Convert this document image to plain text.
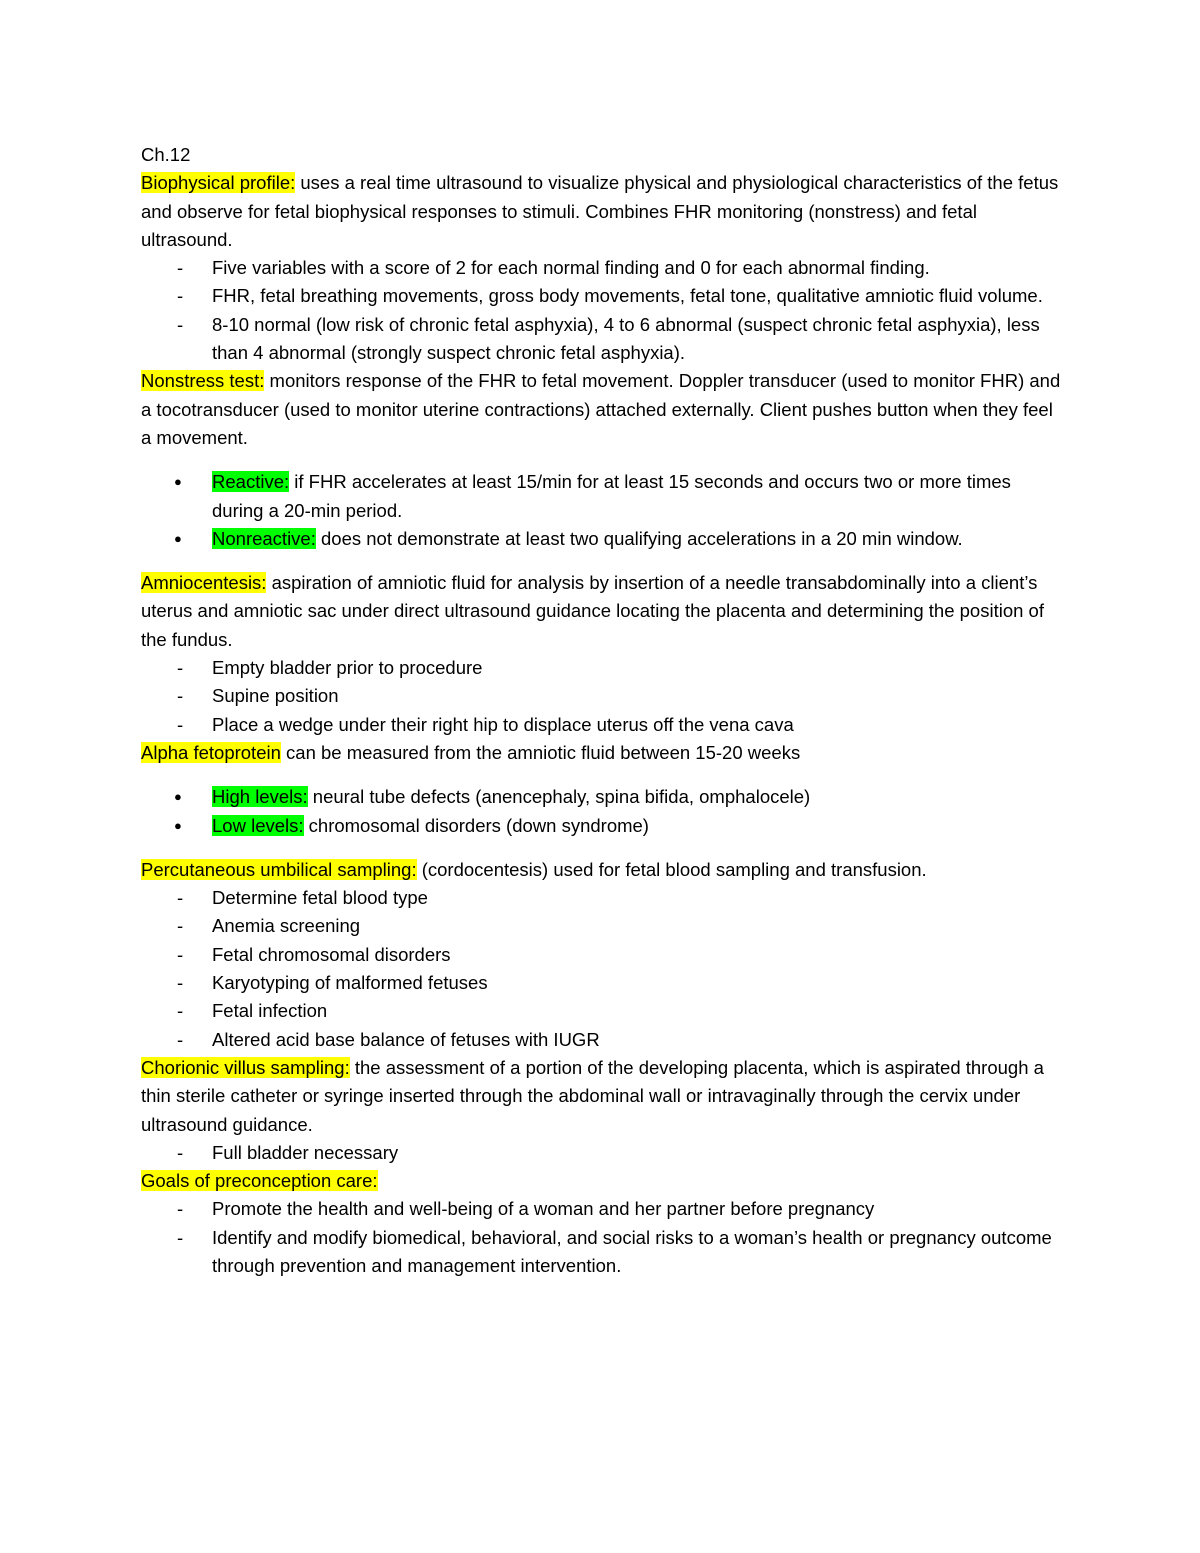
Ch.12

Biophysical profile: uses a real time ultrasound to visualize physical and physiological characteristics of the fetus and observe for fetal biophysical responses to stimuli. Combines FHR monitoring (nonstress) and fetal ultrasound.

- Five variables with a score of 2 for each normal finding and 0 for each abnormal finding.

- FHR, fetal breathing movements, gross body movements, fetal tone, qualitative amniotic fluid volume.

- 8-10 normal (low risk of chronic fetal asphyxia), 4 to 6 abnormal (suspect chronic fetal asphyxia), less than 4 abnormal (strongly suspect chronic fetal asphyxia).

Nonstress test: monitors response of the FHR to fetal movement. Doppler transducer (used to monitor FHR) and a tocotransducer (used to monitor uterine contractions) attached externally. Client pushes button when they feel a movement.

● Reactive: if FHR accelerates at least 15/min for at least 15 seconds and occurs two or more times during a 20-min period.

● Nonreactive: does not demonstrate at least two qualifying accelerations in a 20 min window.

Amniocentesis: aspiration of amniotic fluid for analysis by insertion of a needle transabdominally into a client’s uterus and amniotic sac under direct ultrasound guidance locating the placenta and determining the position of the fundus.

- Empty bladder prior to procedure

- Supine position

- Place a wedge under their right hip to displace uterus off the vena cava

Alpha fetoprotein can be measured from the amniotic fluid between 15-20 weeks

● High levels: neural tube defects (anencephaly, spina bifida, omphalocele)

● Low levels: chromosomal disorders (down syndrome)

Percutaneous umbilical sampling: (cordocentesis) used for fetal blood sampling and transfusion.

- Determine fetal blood type

- Anemia screening

- Fetal chromosomal disorders

- Karyotyping of malformed fetuses

- Fetal infection

- Altered acid base balance of fetuses with IUGR

Chorionic villus sampling: the assessment of a portion of the developing placenta, which is aspirated through a thin sterile catheter or syringe inserted through the abdominal wall or intravaginally through the cervix under ultrasound guidance.

- Full bladder necessary

Goals of preconception care:

- Promote the health and well-being of a woman and her partner before pregnancy

- Identify and modify biomedical, behavioral, and social risks to a woman’s health or pregnancy outcome through prevention and management intervention.
